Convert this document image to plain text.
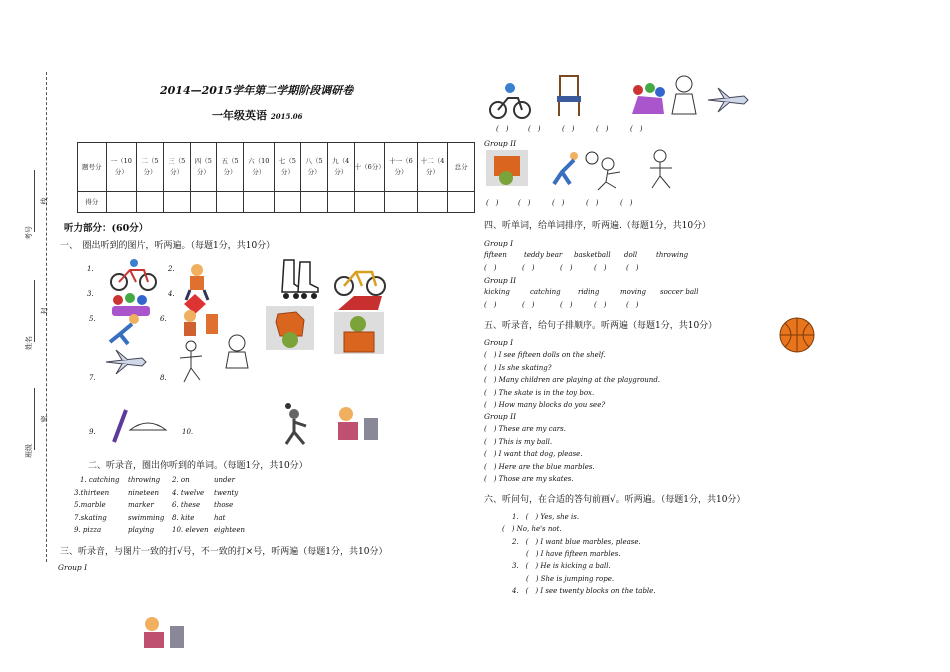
考号
姓名
班级
线
封
密
2014—2015学年第二学期阶段调研卷
一年级英语 2015.06
题号分	一（10分）	二（5分）	三（5分）	四（5分）	五（5分）	六（10分）	七（5分）	八（5分）	九（4分）	十（6分）	十一（6分）	十二（4分）	总分
得分													
听力部分：(60分）
一、　圈出听到的图片，听两遍。（每题1分，共10分）
1.	2.
3.	4.
5.	6.
7.	8.
9.	10.
二、听录音，圈出你听到的单词。（每题1分，共10分）
1. catching throwing 2. on	under
3.thirteen	nineteen 4. twelve twenty
5.marble	marker	6. these those
7.skating	swimming 8. kite	hat
9. pizza	playing	10. eleven eighteen
三、听录音，与图片一致的打√号，不一致的打×号，听两遍（每题1分，共10分）
Group I
(　)	(　)	(　)	(　)	(　)
Group II
(　)	(　)	(　)	(　)	(　)
四、听单词，给单词排序，听两遍.（每题1分，共10分）
Group I
fifteen teddy bear basketball doll	throwing
(　)	(　)	(　)	(　)	(　)
Group II
kicking	catching riding	moving soccer ball
(　)	(　)	(　)	(　)	(　)
五、听录音，给句子排顺序。听两遍（每题1分，共10分）
Group I
(　) I see fifteen dolls on the shelf.
(　) Is she skating?
(　) Many children are playing at the playground.
(　) The skate is in the toy box.
(　) How many blocks do you see?
Group II
(　) These are my cars.
(　) This is my ball.
(　) I want that dog, please.
(　) Here are the blue marbles.
(　) Those are my skates.
六、听问句，在合适的答句前画√。听两遍。（每题1分，共10分）
1.　(　) Yes, she is.
(　) No, he's not.
2.　(　) I want blue marbles, please.
(　) I have fifteen marbles.
3.　(　) He is kicking a ball.
(　) She is jumping rope.
4.　(　) I see twenty blocks on the table.
